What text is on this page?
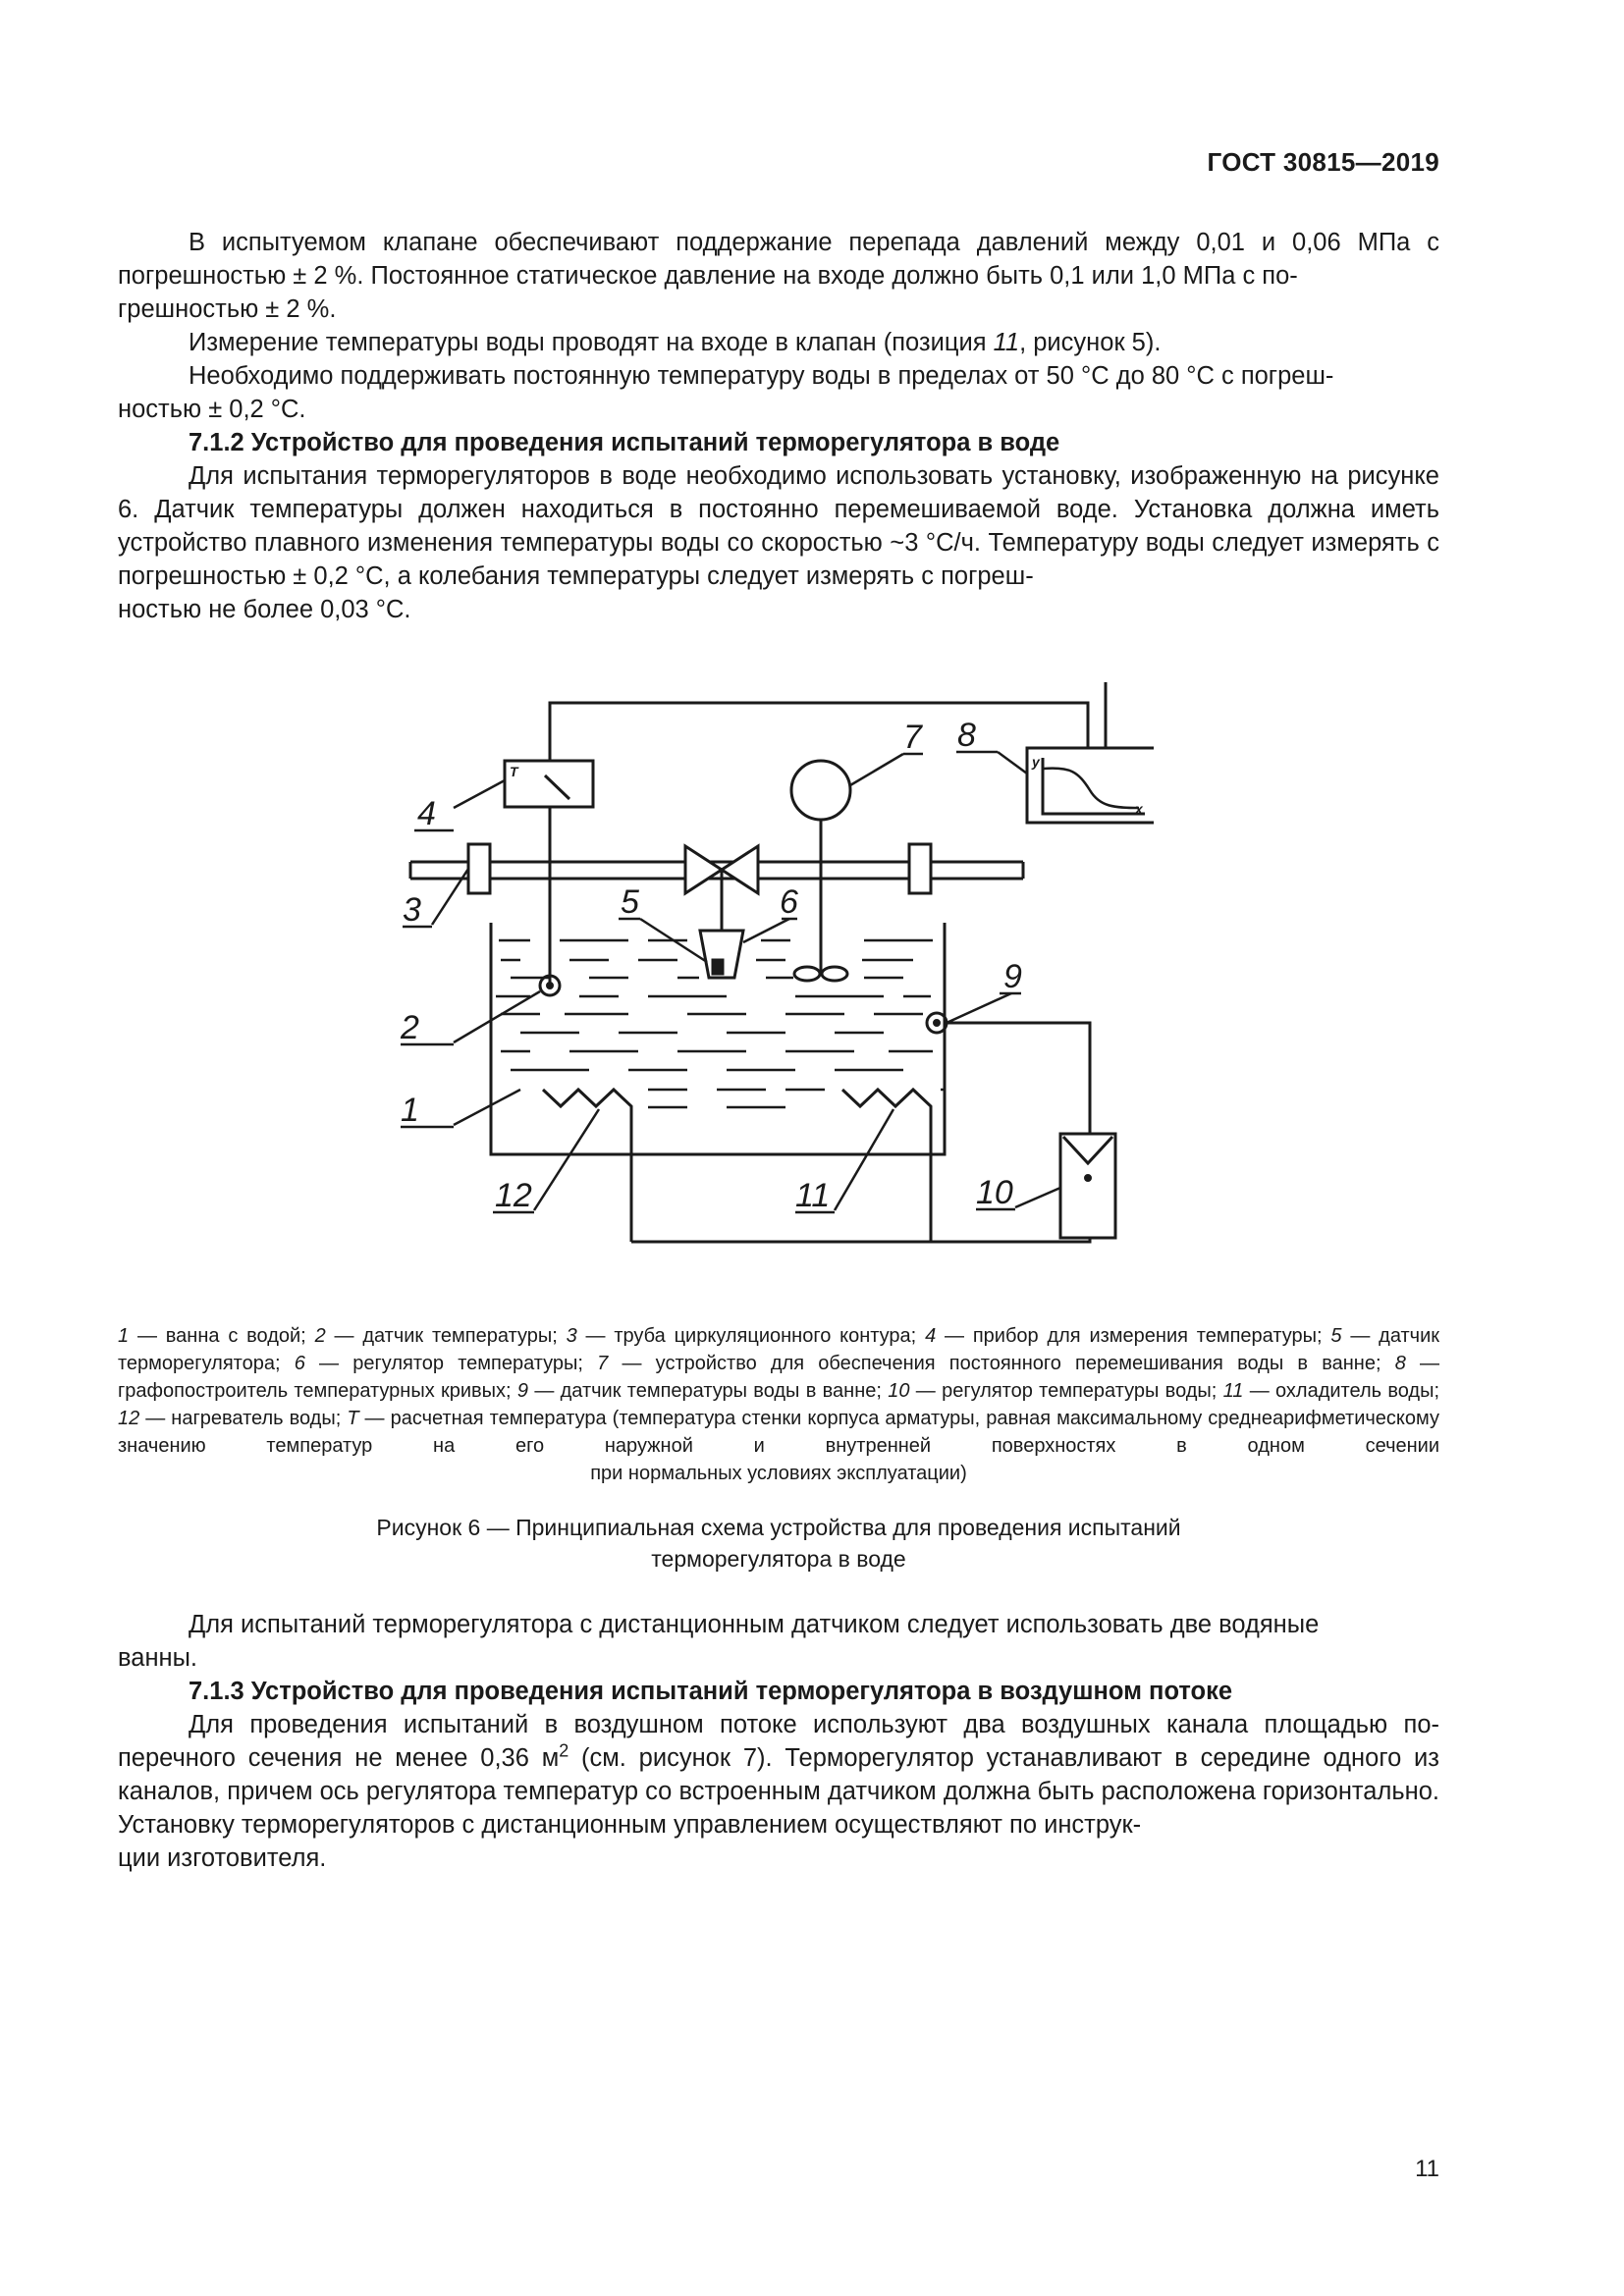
ГОСТ 30815—2019

В испытуемом клапане обеспечивают поддержание перепада давлений между 0,01 и 0,06 МПа с погрешностью ± 2 %. Постоянное статическое давление на входе должно быть 0,1 или 1,0 МПа с по-
грешностью ± 2 %.

Измерение температуры воды проводят на входе в клапан (позиция 11, рисунок 5).

Необходимо поддерживать постоянную температуру воды в пределах от 50 °C до 80 °C с погреш-
ностью ± 0,2 °C.

7.1.2 Устройство для проведения испытаний терморегулятора в воде

Для испытания терморегуляторов в воде необходимо использовать установку, изображенную на рисунке 6. Датчик температуры должен находиться в постоянно перемешиваемой воде. Установка должна иметь устройство плавного изменения температуры воды со скоростью ~3 °C/ч. Температуру воды следует измерять с погрешностью ± 0,2 °C, а колебания температуры следует измерять с погреш-
ностью не более 0,03 °C.

4
3	5	6
7 8
9
2
1
12	11	10
T
y
x
1 — ванна с водой; 2 — датчик температуры; 3 — труба циркуляционного контура; 4 — прибор для измерения температуры; 5 — датчик терморегулятора; 6 — регулятор температуры; 7 — устройство для обеспечения постоянного перемешивания воды в ванне; 8 — графопостроитель температурных кривых; 9 — датчик температуры воды в ванне; 10 — регулятор температуры воды; 11 — охладитель воды; 12 — нагреватель воды; T — расчетная температура (температура стенки корпуса арматуры, равная максимальному среднеарифметическому значению температур на его наружной и внутренней поверхностях в одном сечении
при нормальных условиях эксплуатации)
Рисунок 6 — Принципиальная схема устройства для проведения испытаний
терморегулятора в воде

Для испытаний терморегулятора с дистанционным датчиком следует использовать две водяные
ванны.

7.1.3 Устройство для проведения испытаний терморегулятора в воздушном потоке

Для проведения испытаний в воздушном потоке используют два воздушных канала площадью по- перечного сечения не менее 0,36 $м^2$ (см. рисунок 7). Терморегулятор устанавливают в середине одного из каналов, причем ось регулятора температур со встроенным датчиком должна быть расположена горизонтально. Установку терморегуляторов с дистанционным управлением осуществляют по инструк-
ции изготовителя.

11
